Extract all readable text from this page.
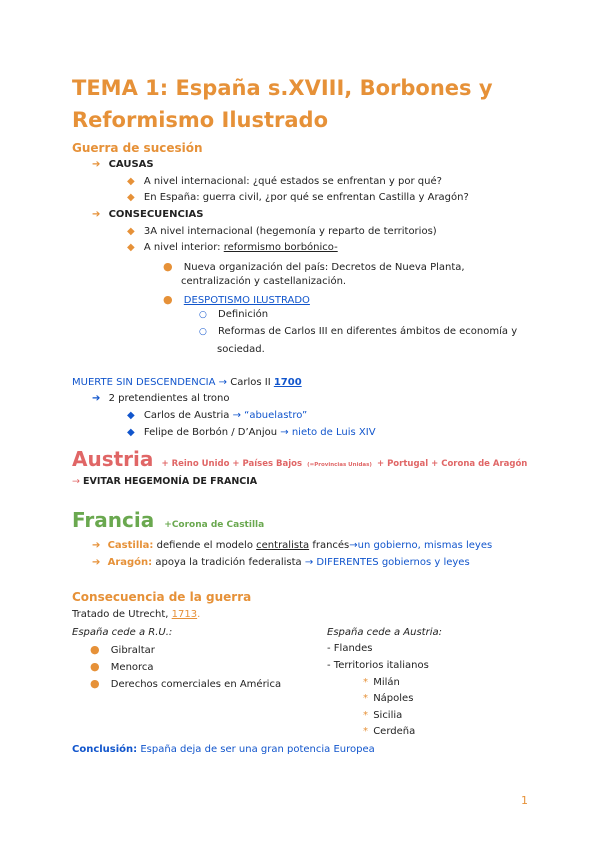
TEMA 1: España s.XVIII, Borbones y
Reformismo Ilustrado
Guerra de sucesión
➔ CAUSAS
◆ A nivel internacional: ¿qué estados se enfrentan y por qué?
◆ En España: guerra civil, ¿por qué se enfrentan Castilla y Aragón?
➔ CONSECUENCIAS
◆ 3A nivel internacional (hegemonía y reparto de territorios)
◆ A nivel interior: reformismo borbónico-
● Nueva organización del país: Decretos de Nueva Planta,
centralización y castellanización.
● DESPOTISMO ILUSTRADO
○ Definición
○ Reformas de Carlos III en diferentes ámbitos de economía y
sociedad.
MUERTE SIN DESCENDENCIA → Carlos II 1700
➔ 2 pretendientes al trono
◆ Carlos de Austria → “abuelastro”
◆ Felipe de Borbón / D’Anjou → nieto de Luis XIV
Austria + Reino Unido + Países Bajos (=Provincias Unidas) + Portugal + Corona de Aragón
→ EVITAR HEGEMONÍA DE FRANCIA
Francia +Corona de Castilla
➔ Castilla: defiende el modelo centralista francés→un gobierno, mismas leyes
➔ Aragón: apoya la tradición federalista → DIFERENTES gobiernos y leyes
Consecuencia de la guerra
Tratado de Utrecht, 1713.
España cede a R.U.:
● Gibraltar
● Menorca
● Derechos comerciales en América
España cede a Austria:
- Flandes
- Territorios italianos
* Milán
* Nápoles
* Sicilia
* Cerdeña
Conclusión: España deja de ser una gran potencia Europea
1
